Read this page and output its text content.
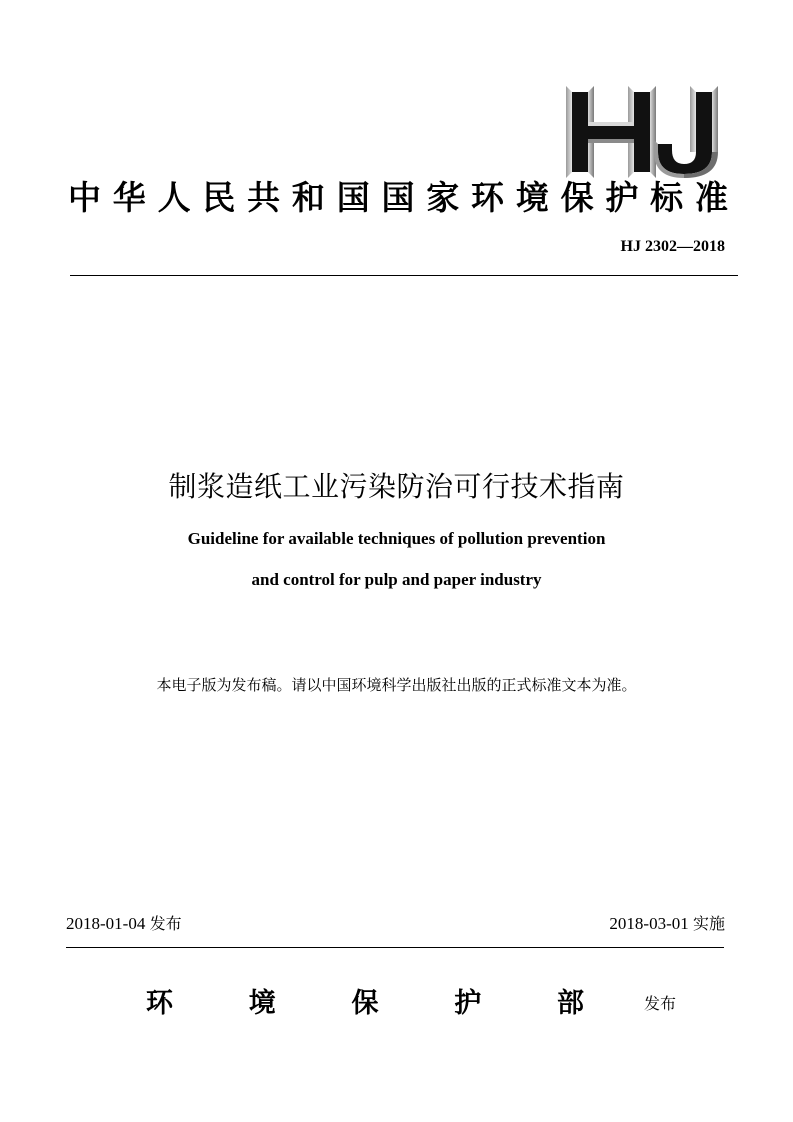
中 华 人 民 共 和 国 国 家 环 境 保 护 标 准
HJ 2302—2018
制浆造纸工业污染防治可行技术指南
Guideline for available techniques of pollution prevention
and control for pulp and paper industry
本电子版为发布稿。请以中国环境科学出版社出版的正式标准文本为准。
2018-01-04 发布	2018-03-01 实施
环	境	保	护	部	发布
